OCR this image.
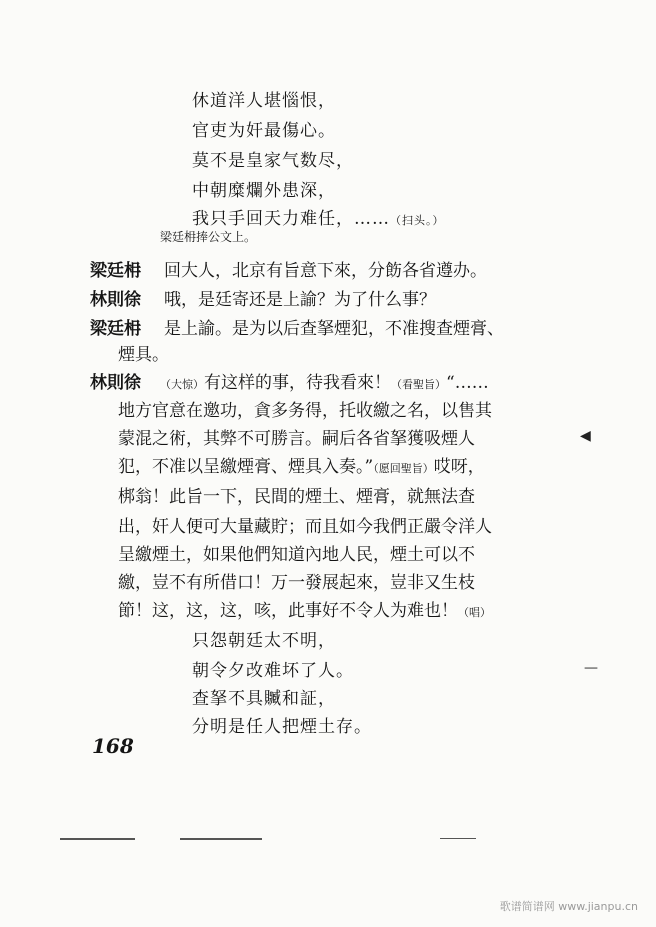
休道洋人堪惱恨，
官吏为奸最傷心。
莫不是皇家气数尽，
中朝糜爛外患深，
我只手回天力难任，……（扫头。）
梁廷枏捧公文上。
梁廷枏 回大人，北京有旨意下來，分飭各省遵办。
林則徐 哦，是廷寄还是上諭？为了什么事？
梁廷枏 是上諭。是为以后查拏煙犯，不准搜查煙膏、
煙具。
林則徐 （大惊）有这样的事，待我看來！（看聖旨）“……
地方官意在邀功，貪多务得，托收繳之名，以售其
蒙混之術，其弊不可勝言。嗣后各省拏獲吸煙人
犯，不准以呈繳煙膏、煙具入奏。”（愿回聖旨）哎呀，
梆翁！此旨一下，民間的煙土、煙膏，就無法查
出，奸人便可大量藏貯；而且如今我們正嚴令洋人
呈繳煙土，如果他們知道內地人民，煙土可以不
繳，豈不有所借口！万一發展起來，豈非又生枝
節！这，这，这，咳，此事好不令人为难也！（唱）
只怨朝廷太不明，
朝令夕改难坏了人。
查拏不具贓和証，
分明是任人把煙土存。
168
◀
—
歌谱简谱网 www.jianpu.cn
